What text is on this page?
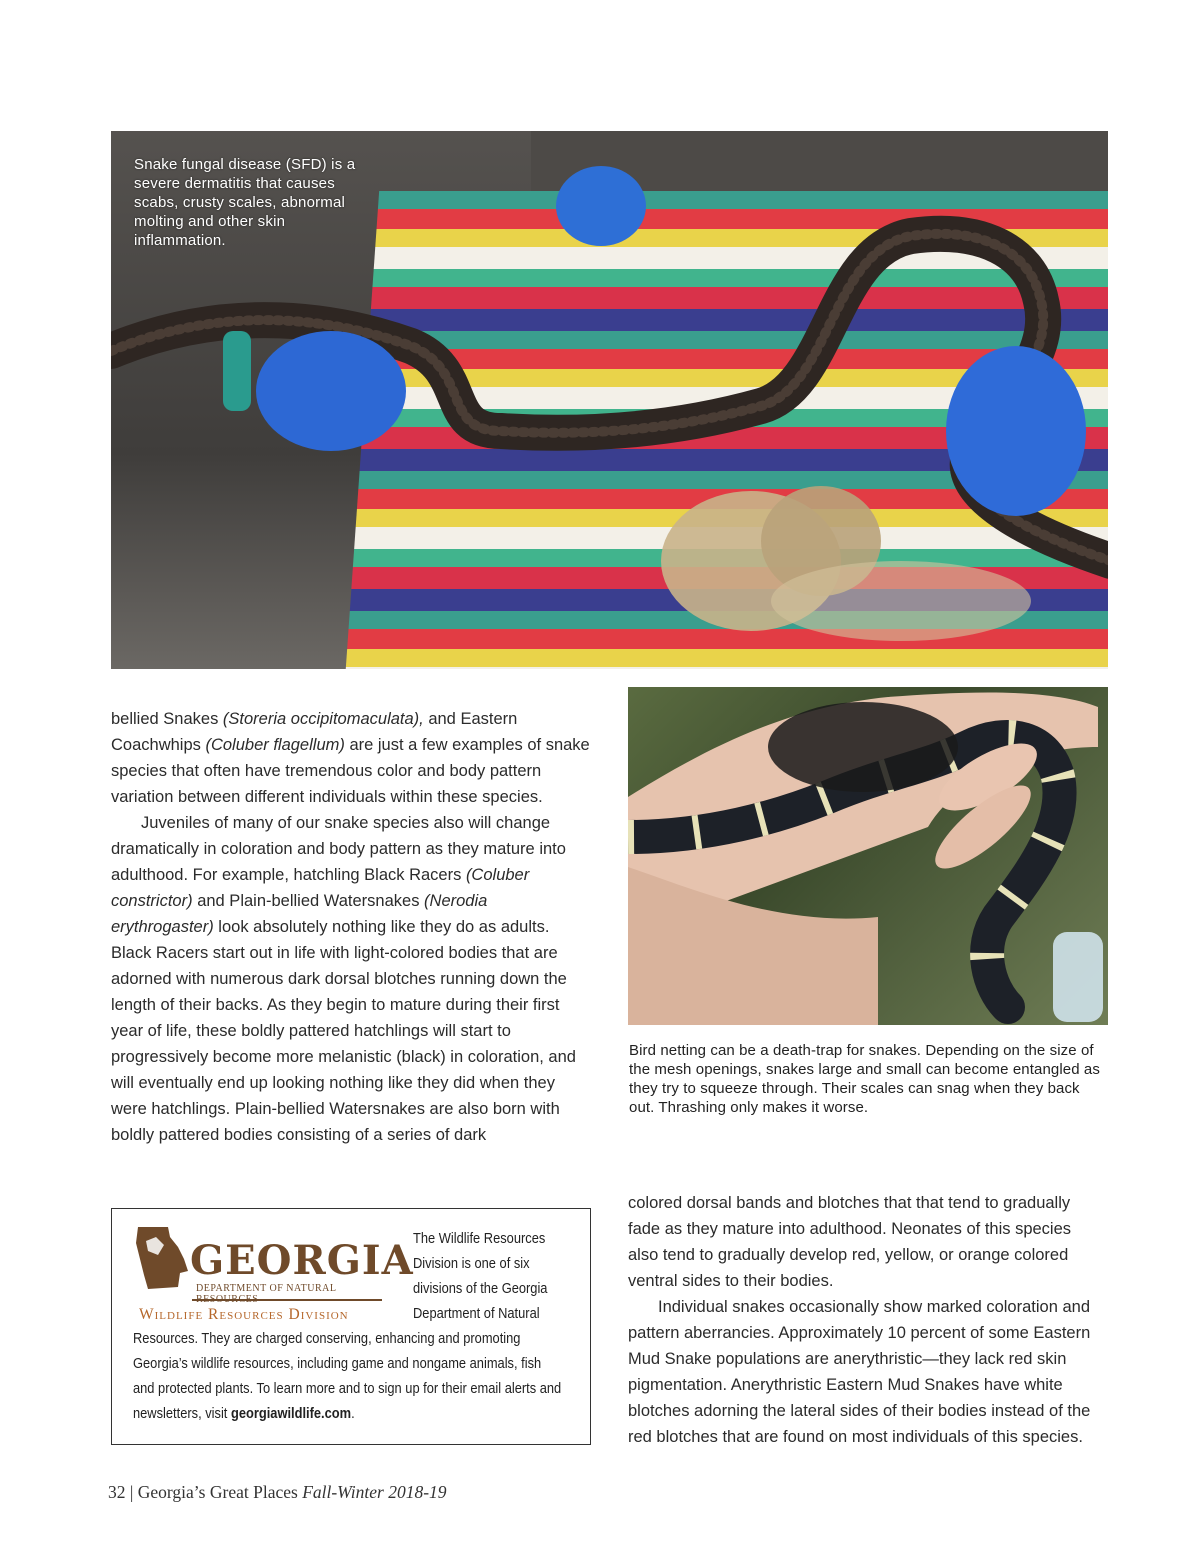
Snake fungal disease (SFD) is a severe dermatitis that causes scabs, crusty scales, abnormal molting and other skin inflammation.
Bird netting can be a death-trap for snakes. Depending on the size of the mesh openings, snakes large and small can become entangled as they try to squeeze through. Their scales can snag when they back out. Thrashing only makes it worse.

bellied Snakes (Storeria occipitomaculata), and Eastern Coachwhips (Coluber flagellum) are just a few examples of snake species that often have tremendous color and body pattern variation between different individuals within these species.

Juveniles of many of our snake species also will change dramatically in coloration and body pattern as they mature into adulthood. For example, hatchling Black Racers (Coluber constrictor) and Plain-bellied Watersnakes (Nerodia erythrogaster) look absolutely nothing like they do as adults. Black Racers start out in life with light-colored bodies that are adorned with numerous dark dorsal blotches running down the length of their backs. As they begin to mature during their first year of life, these boldly pattered hatchlings will start to progressively become more melanistic (black) in coloration, and will eventually end up looking nothing like they did when they were hatchlings. Plain-bellied Watersnakes are also born with boldly pattered bodies consisting of a series of dark

colored dorsal bands and blotches that that tend to gradually fade as they mature into adulthood. Neonates of this species also tend to gradually develop red, yellow, or orange colored ventral sides to their bodies.

Individual snakes occasionally show marked coloration and pattern aberrancies. Approximately 10 percent of some Eastern Mud Snake populations are anerythristic—they lack red skin pigmentation. Anerythristic Eastern Mud Snakes have white blotches adorning the lateral sides of their bodies instead of the red blotches that are found on most individuals of this species.

GEORGIA
DEPARTMENT OF NATURAL
Wildlife Resources Division
The Wildlife Resources
Division is one of six
divisions of the Georgia
Department of Natural
Resources. They are charged conserving, enhancing and promoting Georgia’s wildlife resources, including game and nongame animals, fish and protected plants. To learn more and to sign up for their email alerts and newsletters, visit georgiawildlife.com.
32 | Georgia’s Great Places Fall-Winter 2018-19
